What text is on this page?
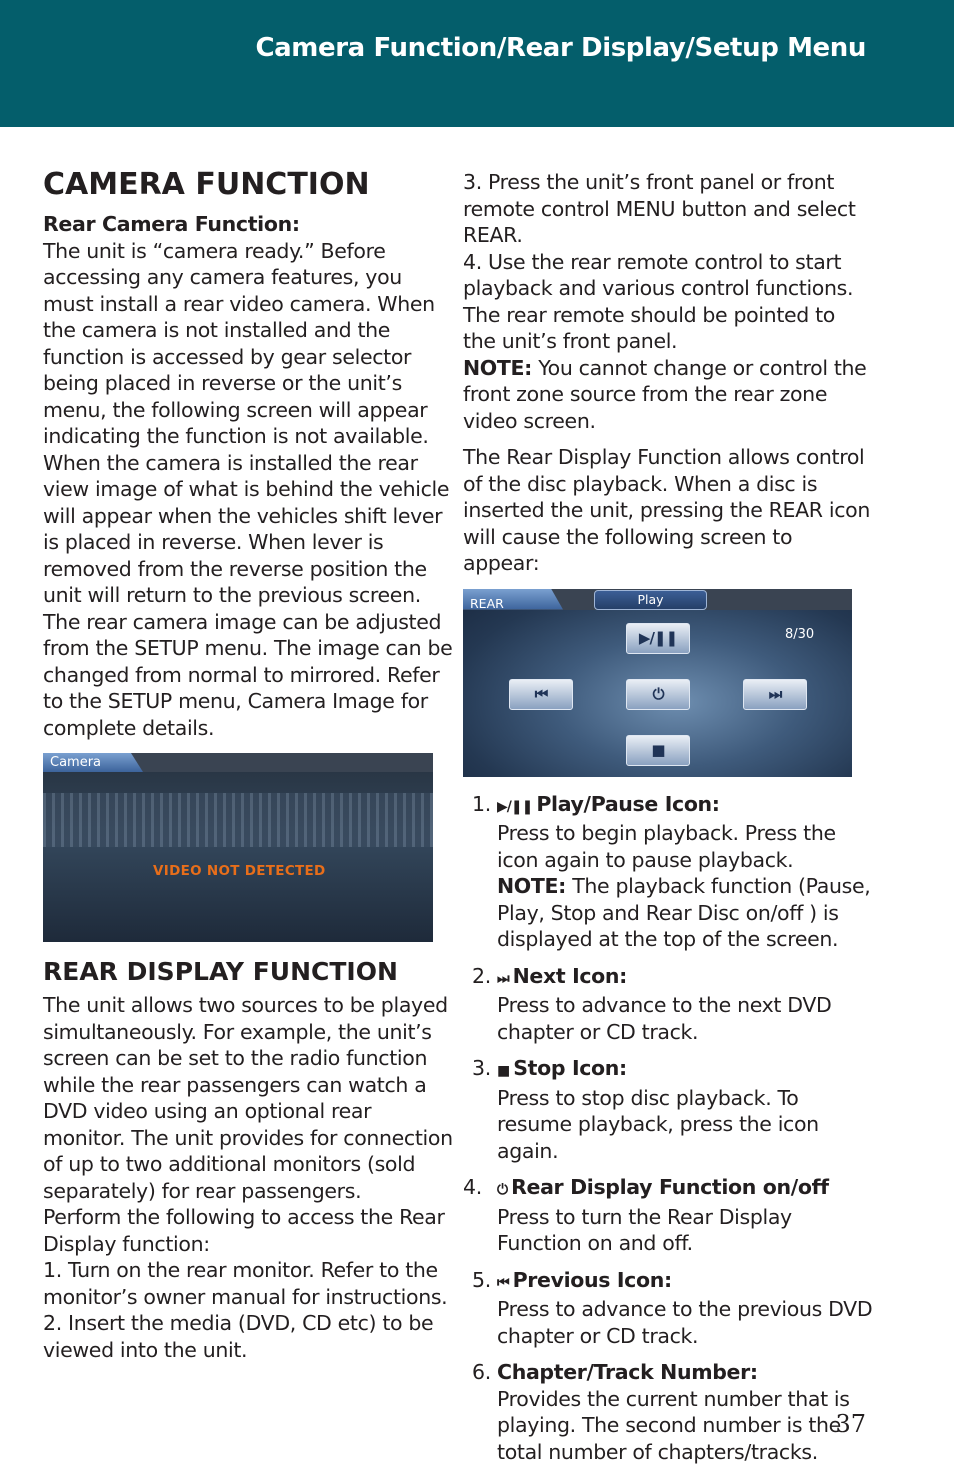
Camera Function/Rear Display/Setup Menu
CAMERA FUNCTION
Rear Camera Function:

The unit is “camera ready.” Before accessing any camera features, you must install a rear video camera. When the camera is not installed and the function is accessed by gear selector being placed in reverse or the unit’s menu, the following screen will appear indicating the function is not available. When the camera is installed the rear view image of what is behind the vehicle will appear when the vehicles shift lever is placed in reverse. When lever is removed from the reverse position the unit will return to the previous screen. The rear camera image can be adjusted from the SETUP menu. The image can be changed from normal to mirrored. Refer to the SETUP menu, Camera Image for complete details.

Camera
VIDEO NOT DETECTED
REAR DISPLAY FUNCTION

The unit allows two sources to be played simultaneously. For example, the unit’s screen can be set to the radio function while the rear passengers can watch a DVD video using an optional rear monitor. The unit provides for connection of up to two additional monitors (sold separately) for rear passengers.

Perform the following to access the Rear Display function:

1. Turn on the rear monitor. Refer to the monitor’s owner manual for instructions.

2. Insert the media (DVD, CD etc) to be viewed into the unit.

3. Press the unit’s front panel or front remote control MENU button and select REAR.

4. Use the rear remote control to start playback and various control functions. The rear remote should be pointed to the unit’s front panel.

NOTE: You cannot change or control the front zone source from the rear zone video screen.

The Rear Display Function allows control of the disc playback. When a disc is inserted the unit, pressing the REAR icon will cause the following screen to appear:

REAR	Play
8/30
▶/❚❚
⏮	⏻	⏭
■
1. ▶/❚❚ Play/Pause Icon:
Press to begin playback. Press the icon again to pause playback.
NOTE: The playback function (Pause, Play, Stop and Rear Disc on/off ) is displayed at the top of the screen.
2. ⏭ Next Icon:
Press to advance to the next DVD chapter or CD track.
3. ■ Stop Icon:
Press to stop disc playback. To resume playback, press the icon again.
4. ⏻ Rear Display Function on/off
Press to turn the Rear Display Function on and off.
5. ⏮ Previous Icon:
Press to advance to the previous DVD chapter or CD track.
6. Chapter/Track Number:
Provides the current number that is playing. The second number is the total number of chapters/tracks.
37
